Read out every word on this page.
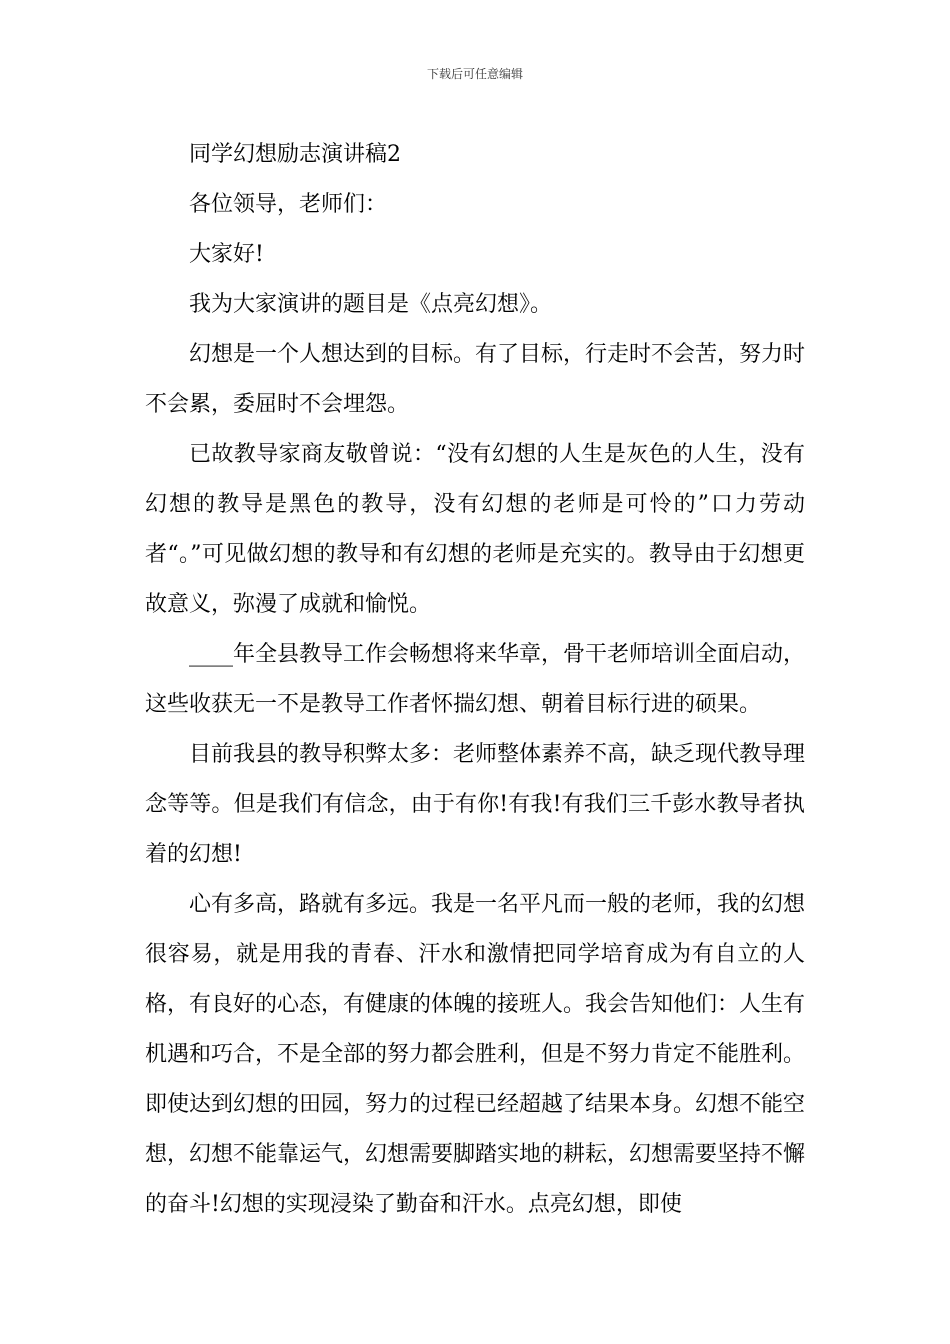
下载后可任意编辑

同学幻想励志演讲稿2

各位领导，老师们：

大家好!

我为大家演讲的题目是《点亮幻想》。

幻想是一个人想达到的目标。有了目标，行走时不会苦，努力时不会累，委屈时不会埋怨。

已故教导家商友敬曾说：“没有幻想的人生是灰色的人生，没有幻想的教导是黑色的教导，没有幻想的老师是可怜的”口力劳动者“。”可见做幻想的教导和有幻想的老师是充实的。教导由于幻想更故意义，弥漫了成就和愉悦。

____年全县教导工作会畅想将来华章，骨干老师培训全面启动，这些收获无一不是教导工作者怀揣幻想、朝着目标行进的硕果。

目前我县的教导积弊太多：老师整体素养不高，缺乏现代教导理念等等。但是我们有信念，由于有你!有我!有我们三千彭水教导者执着的幻想!

心有多高，路就有多远。我是一名平凡而一般的老师，我的幻想很容易，就是用我的青春、汗水和激情把同学培育成为有自立的人格，有良好的心态，有健康的体魄的接班人。我会告知他们：人生有机遇和巧合，不是全部的努力都会胜利，但是不努力肯定不能胜利。即使达到幻想的田园，努力的过程已经超越了结果本身。幻想不能空想，幻想不能靠运气，幻想需要脚踏实地的耕耘，幻想需要坚持不懈的奋斗!幻想的实现浸染了勤奋和汗水。点亮幻想，即使
